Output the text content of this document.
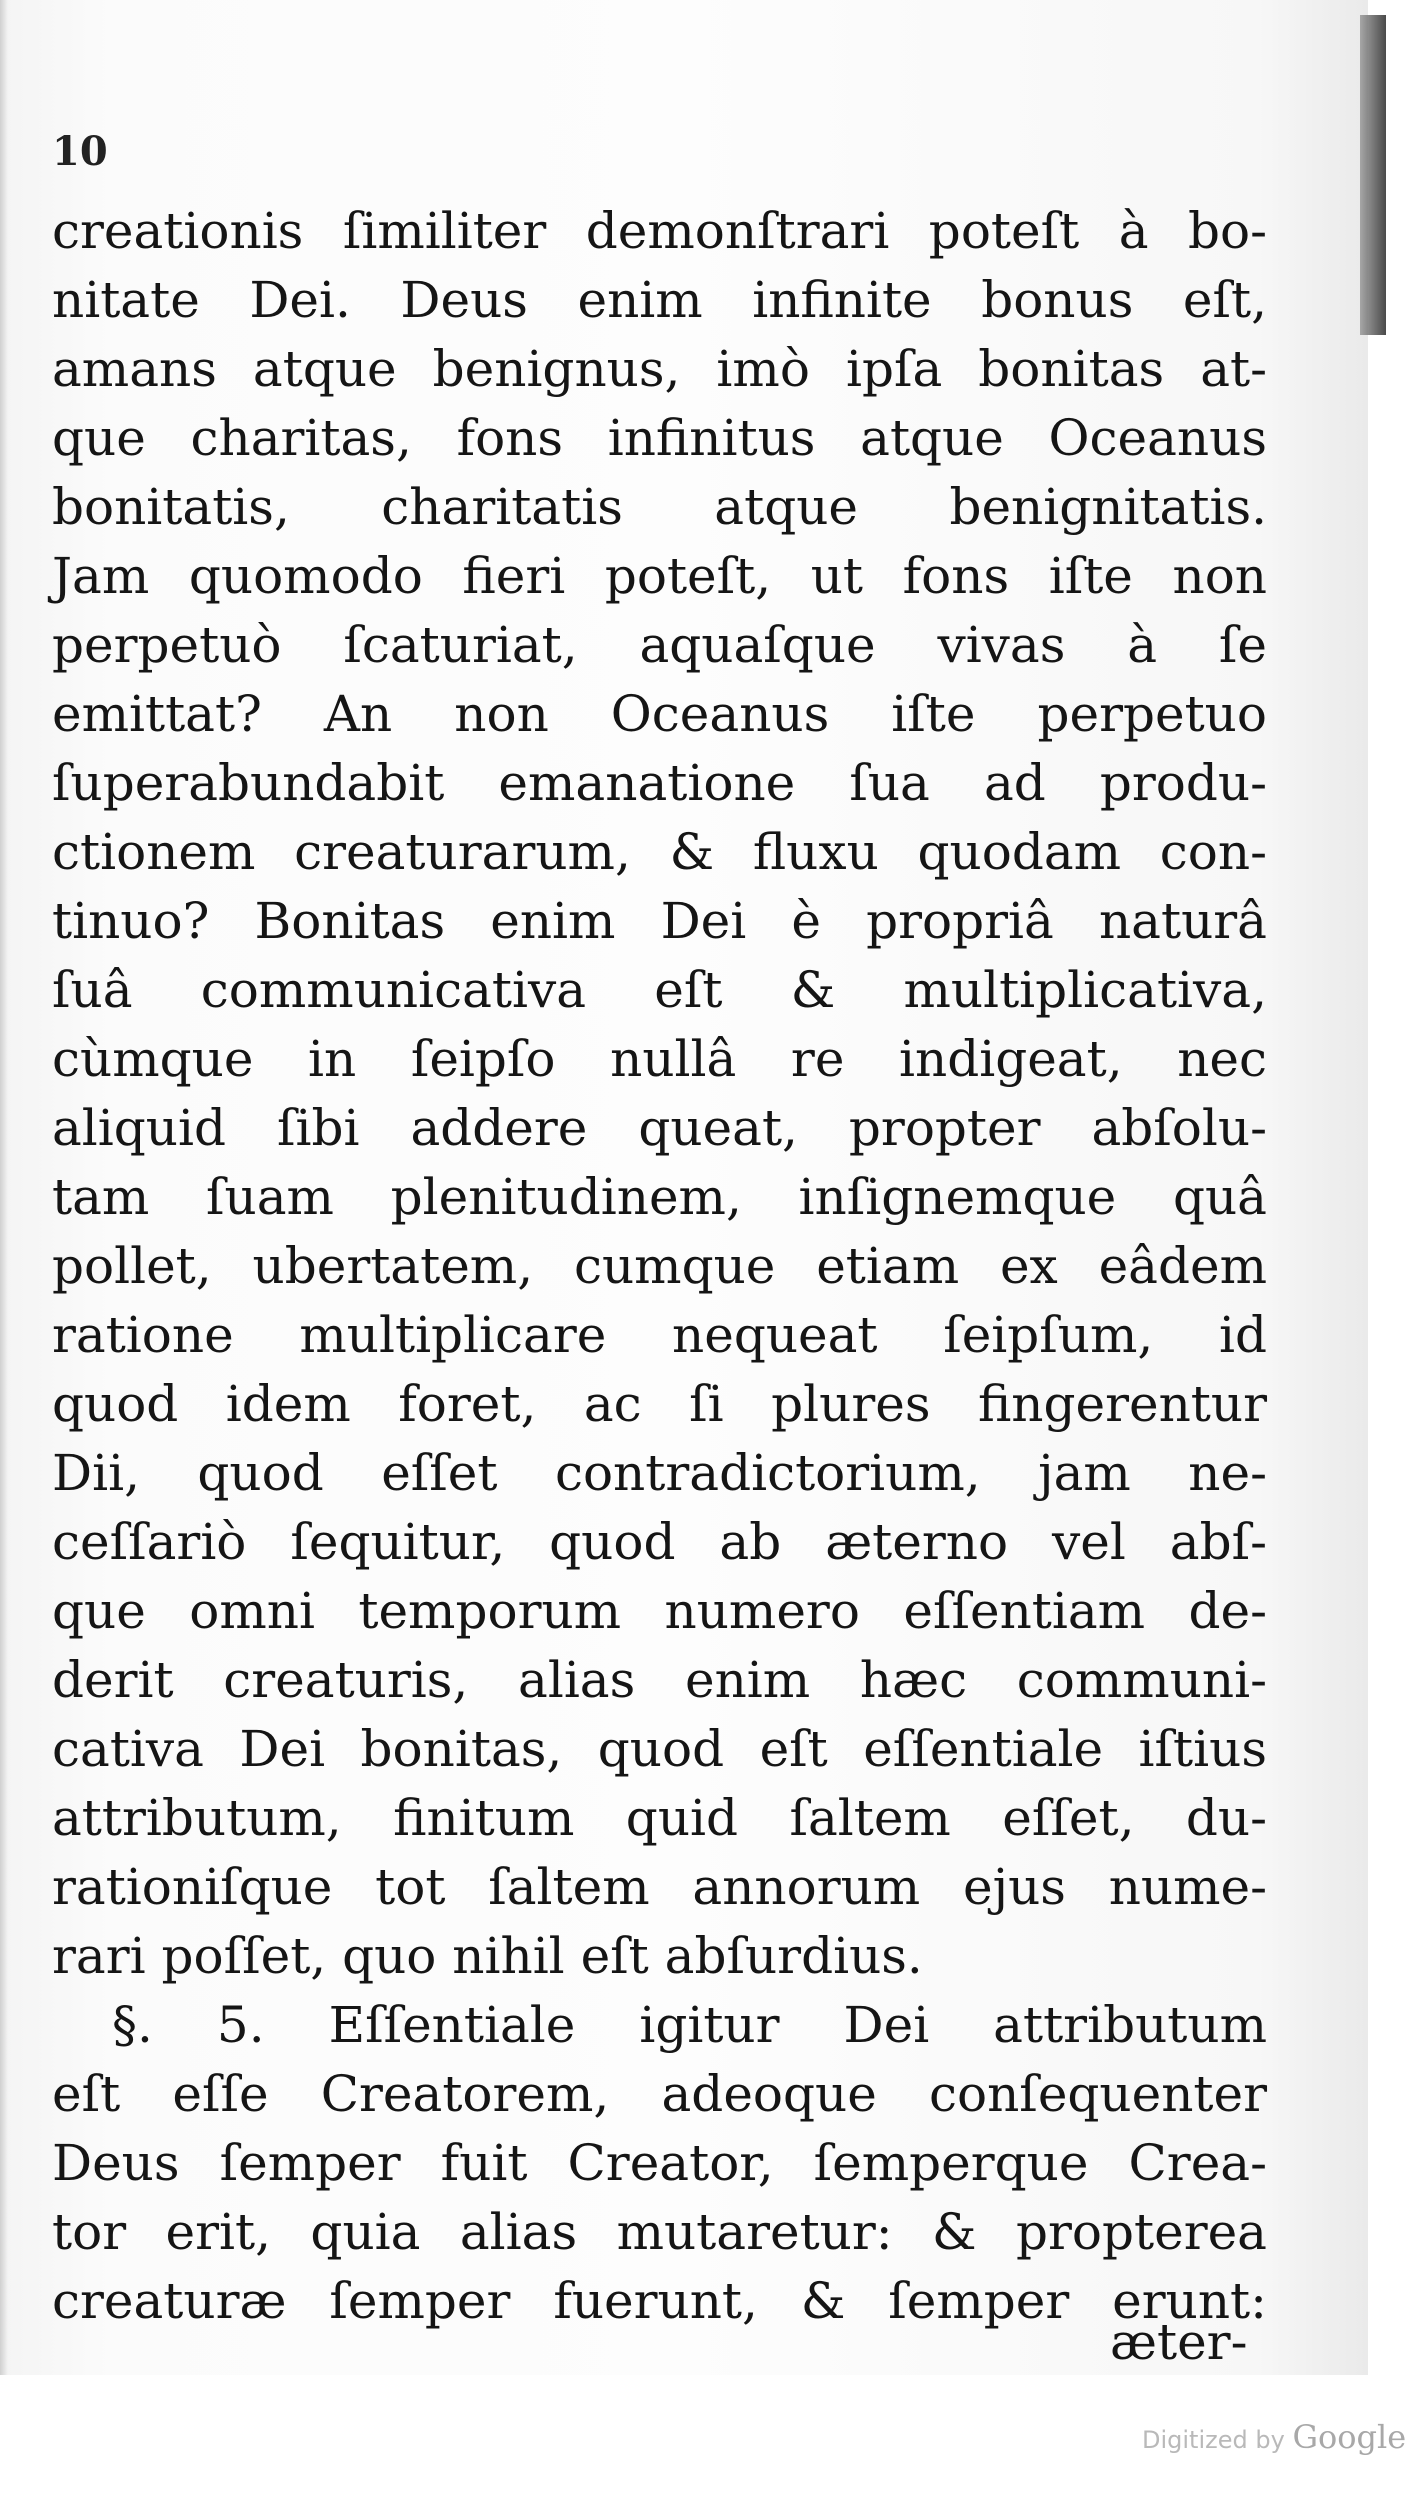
10
creationis ſimiliter demonſtrari poteſt à bo-
nitate Dei. Deus enim infinite bonus eſt,
amans atque benignus, imò ipſa bonitas at-
que charitas, fons infinitus atque Oceanus
bonitatis, charitatis atque benignitatis.
Jam quomodo fieri poteſt, ut fons iſte non
perpetuò ſcaturiat, aquaſque vivas à ſe
emittat? An non Oceanus iſte perpetuo
ſuperabundabit emanatione ſua ad produ-
ctionem creaturarum, & fluxu quodam con-
tinuo? Bonitas enim Dei è propriâ naturâ
ſuâ communicativa eſt & multiplicativa,
cùmque in ſeipſo nullâ re indigeat, nec
aliquid ſibi addere queat, propter abſolu-
tam ſuam plenitudinem, inſignemque quâ
pollet, ubertatem, cumque etiam ex eâdem
ratione multiplicare nequeat ſeipſum, id
quod idem foret, ac ſi plures fingerentur
Dii, quod eſſet contradictorium, jam ne-
ceſſariò ſequitur, quod ab æterno vel abſ-
que omni temporum numero eſſentiam de-
derit creaturis, alias enim hæc communi-
cativa Dei bonitas, quod eſt eſſentiale iſtius
attributum, finitum quid ſaltem eſſet, du-
rationiſque tot ſaltem annorum ejus nume-
rari poſſet, quo nihil eſt abſurdius.
§. 5. Eſſentiale igitur Dei attributum
eſt eſſe Creatorem, adeoque conſequenter
Deus ſemper fuit Creator, ſemperque Crea-
tor erit, quia alias mutaretur: & propterea
creaturæ ſemper fuerunt, & ſemper erunt:
æter-
Digitized by Google
